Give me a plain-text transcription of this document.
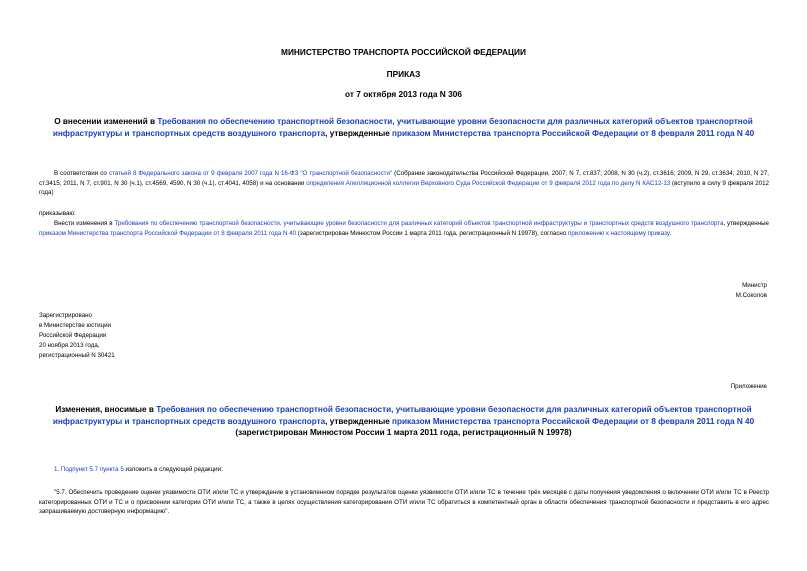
МИНИСТЕРСТВО ТРАНСПОРТА РОССИЙСКОЙ ФЕДЕРАЦИИ
ПРИКАЗ
от 7 октября 2013 года N 306
О внесении изменений в Требования по обеспечению транспортной безопасности, учитывающие уровни безопасности для различных категорий объектов транспортной инфраструктуры и транспортных средств воздушного транспорта, утвержденные приказом Министерства транспорта Российской Федерации от 8 февраля 2011 года N 40
В соответствии со статьей 8 Федерального закона от 9 февраля 2007 года N 16-ФЗ "О транспортной безопасности" (Собрание законодательства Российской Федерации, 2007, N 7, ст.837; 2008, N 30 (ч.2), ст.3616; 2009, N 29, ст.3634; 2010, N 27, ст.3415; 2011, N 7, ст.901, N 30 (ч.1), ст.4569, 4590, N 30 (ч.1), ст.4041, 4058) и на основании определения Апелляционной коллегии Верховного Суда Российской Федерации от 9 февраля 2012 года по делу N КАС12-13 (вступило в силу 9 февраля 2012 года)
приказываю:
Внести изменения в Требования по обеспечению транспортной безопасности, учитывающие уровни безопасности для различных категорий объектов транспортной инфраструктуры и транспортных средств воздушного транспорта, утвержденные приказом Министерства транспорта Российской Федерации от 8 февраля 2011 года N 40 (зарегистрирован Минюстом России 1 марта 2011 года, регистрационный N 19978), согласно приложению к настоящему приказу.
Министр
М.Соколов
Зарегистрировано
в Министерстве юстиции
Российской Федерации
20 ноября 2013 года,
регистрационный N 30421
Приложение
Изменения, вносимые в Требования по обеспечению транспортной безопасности, учитывающие уровни безопасности для различных категорий объектов транспортной инфраструктуры и транспортных средств воздушного транспорта, утвержденные приказом Министерства транспорта Российской Федерации от 8 февраля 2011 года N 40 (зарегистрирован Минюстом России 1 марта 2011 года, регистрационный N 19978)
1. Подпункт 5.7 пункта 5 изложить в следующей редакции:
"5.7. Обеспечить проведение оценки уязвимости ОТИ и/или ТС и утверждение в установленном порядке результатов оценки уязвимости ОТИ и/или ТС в течение трёх месяцев с даты получения уведомления о включении ОТИ и/или ТС в Реестр категорированных ОТИ и ТС и о присвоении категории ОТИ и/или ТС, а также в целях осуществления категорирования ОТИ и/или ТС обратиться в компетентный орган в области обеспечения транспортной безопасности и представить в его адрес запрашиваемую достоверную информацию".
